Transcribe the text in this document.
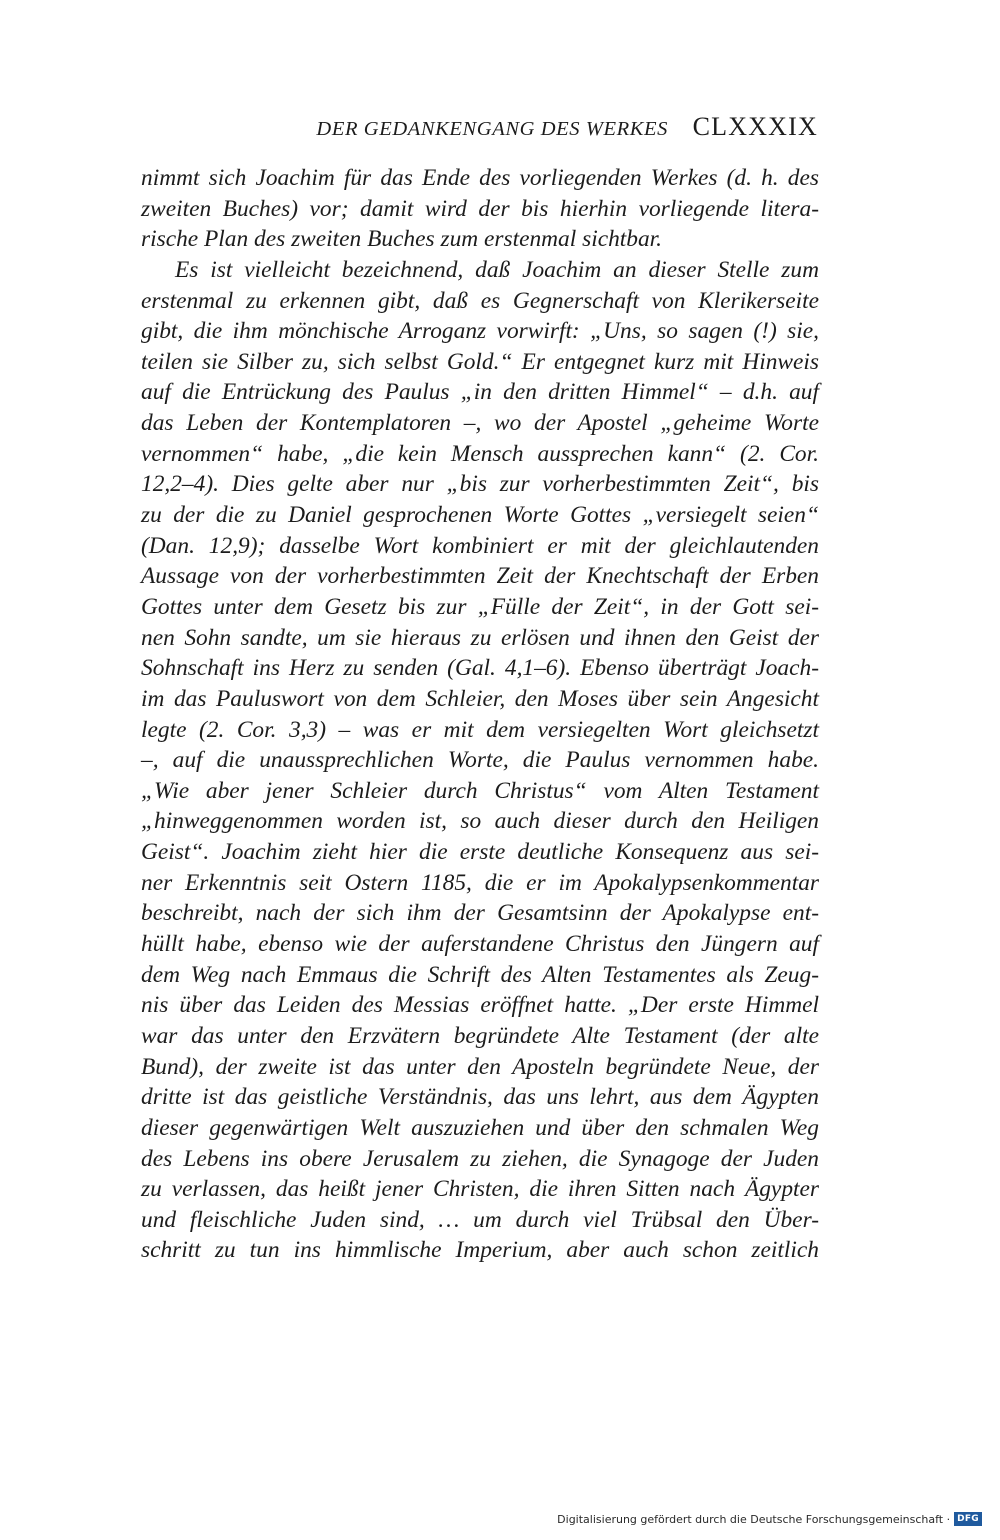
DER GEDANKENGANG DES WERKES CLXXXIX
nimmt sich Joachim für das Ende des vorliegenden Werkes (d. h. des
zweiten Buches) vor; damit wird der bis hierhin vorliegende litera-
rische Plan des zweiten Buches zum erstenmal sichtbar.
Es ist vielleicht bezeichnend, daß Joachim an dieser Stelle zum
erstenmal zu erkennen gibt, daß es Gegnerschaft von Klerikerseite
gibt, die ihm mönchische Arroganz vorwirft: „Uns, so sagen (!) sie,
teilen sie Silber zu, sich selbst Gold.“ Er entgegnet kurz mit Hinweis
auf die Entrückung des Paulus „in den dritten Himmel“ – d.h. auf
das Leben der Kontemplatoren –, wo der Apostel „geheime Worte
vernommen“ habe, „die kein Mensch aussprechen kann“ (2. Cor.
12,2–4). Dies gelte aber nur „bis zur vorherbestimmten Zeit“, bis
zu der die zu Daniel gesprochenen Worte Gottes „versiegelt seien“
(Dan. 12,9); dasselbe Wort kombiniert er mit der gleichlautenden
Aussage von der vorherbestimmten Zeit der Knechtschaft der Erben
Gottes unter dem Gesetz bis zur „Fülle der Zeit“, in der Gott sei-
nen Sohn sandte, um sie hieraus zu erlösen und ihnen den Geist der
Sohnschaft ins Herz zu senden (Gal. 4,1–6). Ebenso überträgt Joach-
im das Pauluswort von dem Schleier, den Moses über sein Angesicht
legte (2. Cor. 3,3) – was er mit dem versiegelten Wort gleichsetzt
–, auf die unaussprechlichen Worte, die Paulus vernommen habe.
„Wie aber jener Schleier durch Christus“ vom Alten Testament
„hinweggenommen worden ist, so auch dieser durch den Heiligen
Geist“. Joachim zieht hier die erste deutliche Konsequenz aus sei-
ner Erkenntnis seit Ostern 1185, die er im Apokalypsenkommentar
beschreibt, nach der sich ihm der Gesamtsinn der Apokalypse ent-
hüllt habe, ebenso wie der auferstandene Christus den Jüngern auf
dem Weg nach Emmaus die Schrift des Alten Testamentes als Zeug-
nis über das Leiden des Messias eröffnet hatte. „Der erste Himmel
war das unter den Erzvätern begründete Alte Testament (der alte
Bund), der zweite ist das unter den Aposteln begründete Neue, der
dritte ist das geistliche Verständnis, das uns lehrt, aus dem Ägypten
dieser gegenwärtigen Welt auszuziehen und über den schmalen Weg
des Lebens ins obere Jerusalem zu ziehen, die Synagoge der Juden
zu verlassen, das heißt jener Christen, die ihren Sitten nach Ägypter
und fleischliche Juden sind, … um durch viel Trübsal den Über-
schritt zu tun ins himmlische Imperium, aber auch schon zeitlich
Digitalisierung gefördert durch die Deutsche Forschungsgemeinschaft · DFG
